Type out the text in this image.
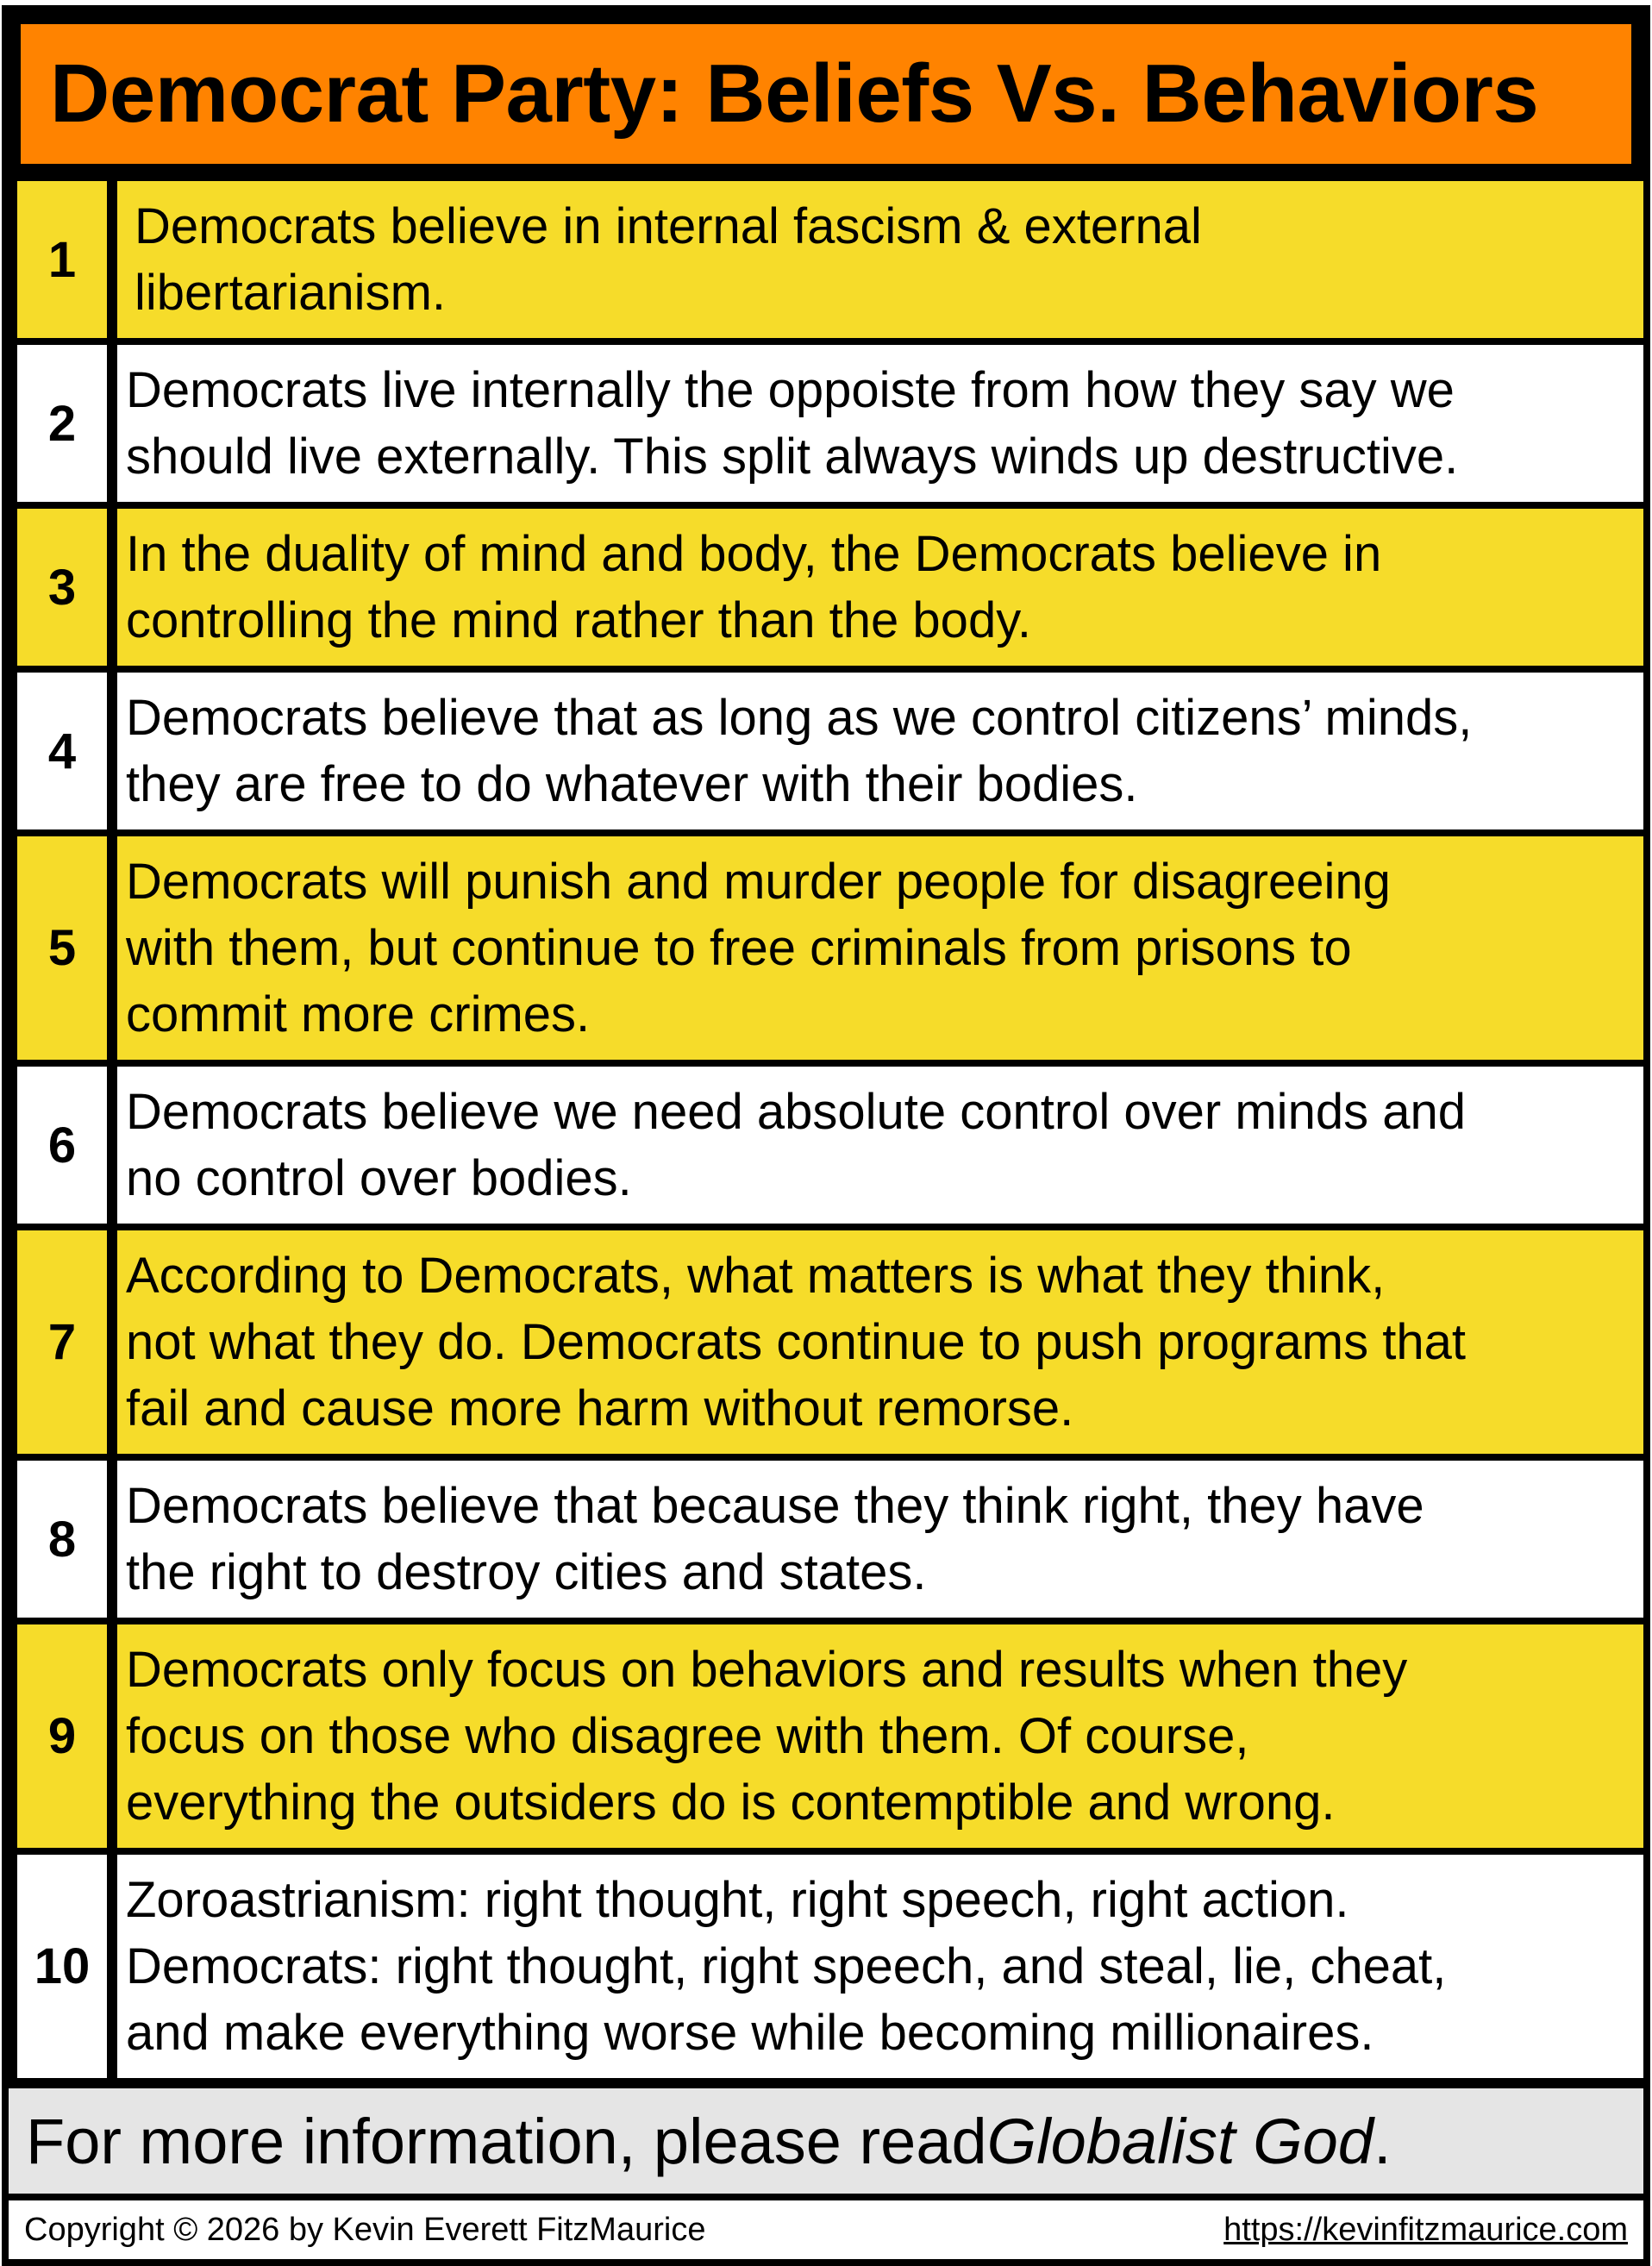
Democrat Party: Beliefs Vs. Behaviors
1
Democrats believe in internal fascism & external
libertarianism.
2
Democrats live internally the oppoiste from how they say we
should live externally. This split always winds up destructive.
3
In the duality of mind and body, the Democrats believe in
controlling the mind rather than the body.
4
Democrats believe that as long as we control citizens’ minds,
they are free to do whatever with their bodies.
5
Democrats will punish and murder people for disagreeing
with them, but continue to free criminals from prisons to
commit more crimes.
6
Democrats believe we need absolute control over minds and
no control over bodies.
7
According to Democrats, what matters is what they think,
not what they do. Democrats continue to push programs that
fail and cause more harm without remorse.
8
Democrats believe that because they think right, they have
the right to destroy cities and states.
9
Democrats only focus on behaviors and results when they
focus on those who disagree with them. Of course,
everything the outsiders do is contemptible and wrong.
10
Zoroastrianism: right thought, right speech, right action.
Democrats: right thought, right speech, and steal, lie, cheat,
and make everything worse while becoming millionaires.
For more information, please read Globalist God .
Copyright © 2026 by Kevin Everett FitzMaurice	https://kevinfitzmaurice.com
